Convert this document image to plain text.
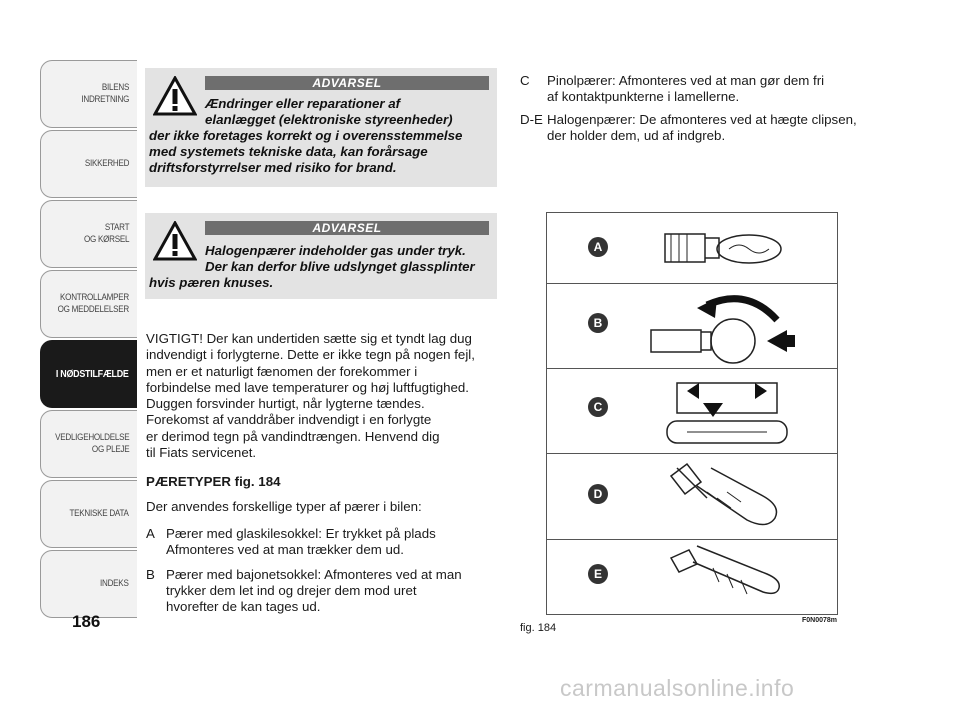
BILENS
INDRETNING
SIKKERHED
START
OG KØRSEL
KONTROLLAMPER
OG MEDDELELSER
I NØDSTILFÆLDE
VEDLIGEHOLDELSE
OG PLEJE
TEKNISKE DATA
INDEKS
186
ADVARSEL
Ændringer eller reparationer af
elanlægget (elektroniske styreenheder)
der ikke foretages korrekt og i overensstemmelse
med systemets tekniske data, kan forårsage
driftsforstyrrelser med risiko for brand.
ADVARSEL
Halogenpærer indeholder gas under tryk.
Der kan derfor blive udslynget glassplinter
hvis pæren knuses.
VIGTIGT! Der kan undertiden sætte sig et tyndt lag dug
indvendigt i forlygterne. Dette er ikke tegn på nogen fejl,
men er et naturligt fænomen der forekommer i
forbindelse med lave temperaturer og høj luftfugtighed.
Duggen forsvinder hurtigt, når lygterne tændes.
Forekomst af vanddråber indvendigt i en forlygte
er derimod tegn på vandindtrængen. Henvend dig
til Fiats servicenet.
PÆRETYPER fig. 184
Der anvendes forskellige typer af pærer i bilen:
A Pærer med glaskilesokkel: Er trykket på plads
Afmonteres ved at man trækker dem ud.
B Pærer med bajonetsokkel: Afmonteres ved at man
trykker dem let ind og drejer dem mod uret
hvorefter de kan tages ud.
C Pinolpærer: Afmonteres ved at man gør dem fri
af kontaktpunkterne i lamellerne.
D-E Halogenpærer: De afmonteres ved at hægte clipsen,
der holder dem, ud af indgreb.
A
B
C
D
E
fig. 184
F0N0078m
carmanualsonline.info
